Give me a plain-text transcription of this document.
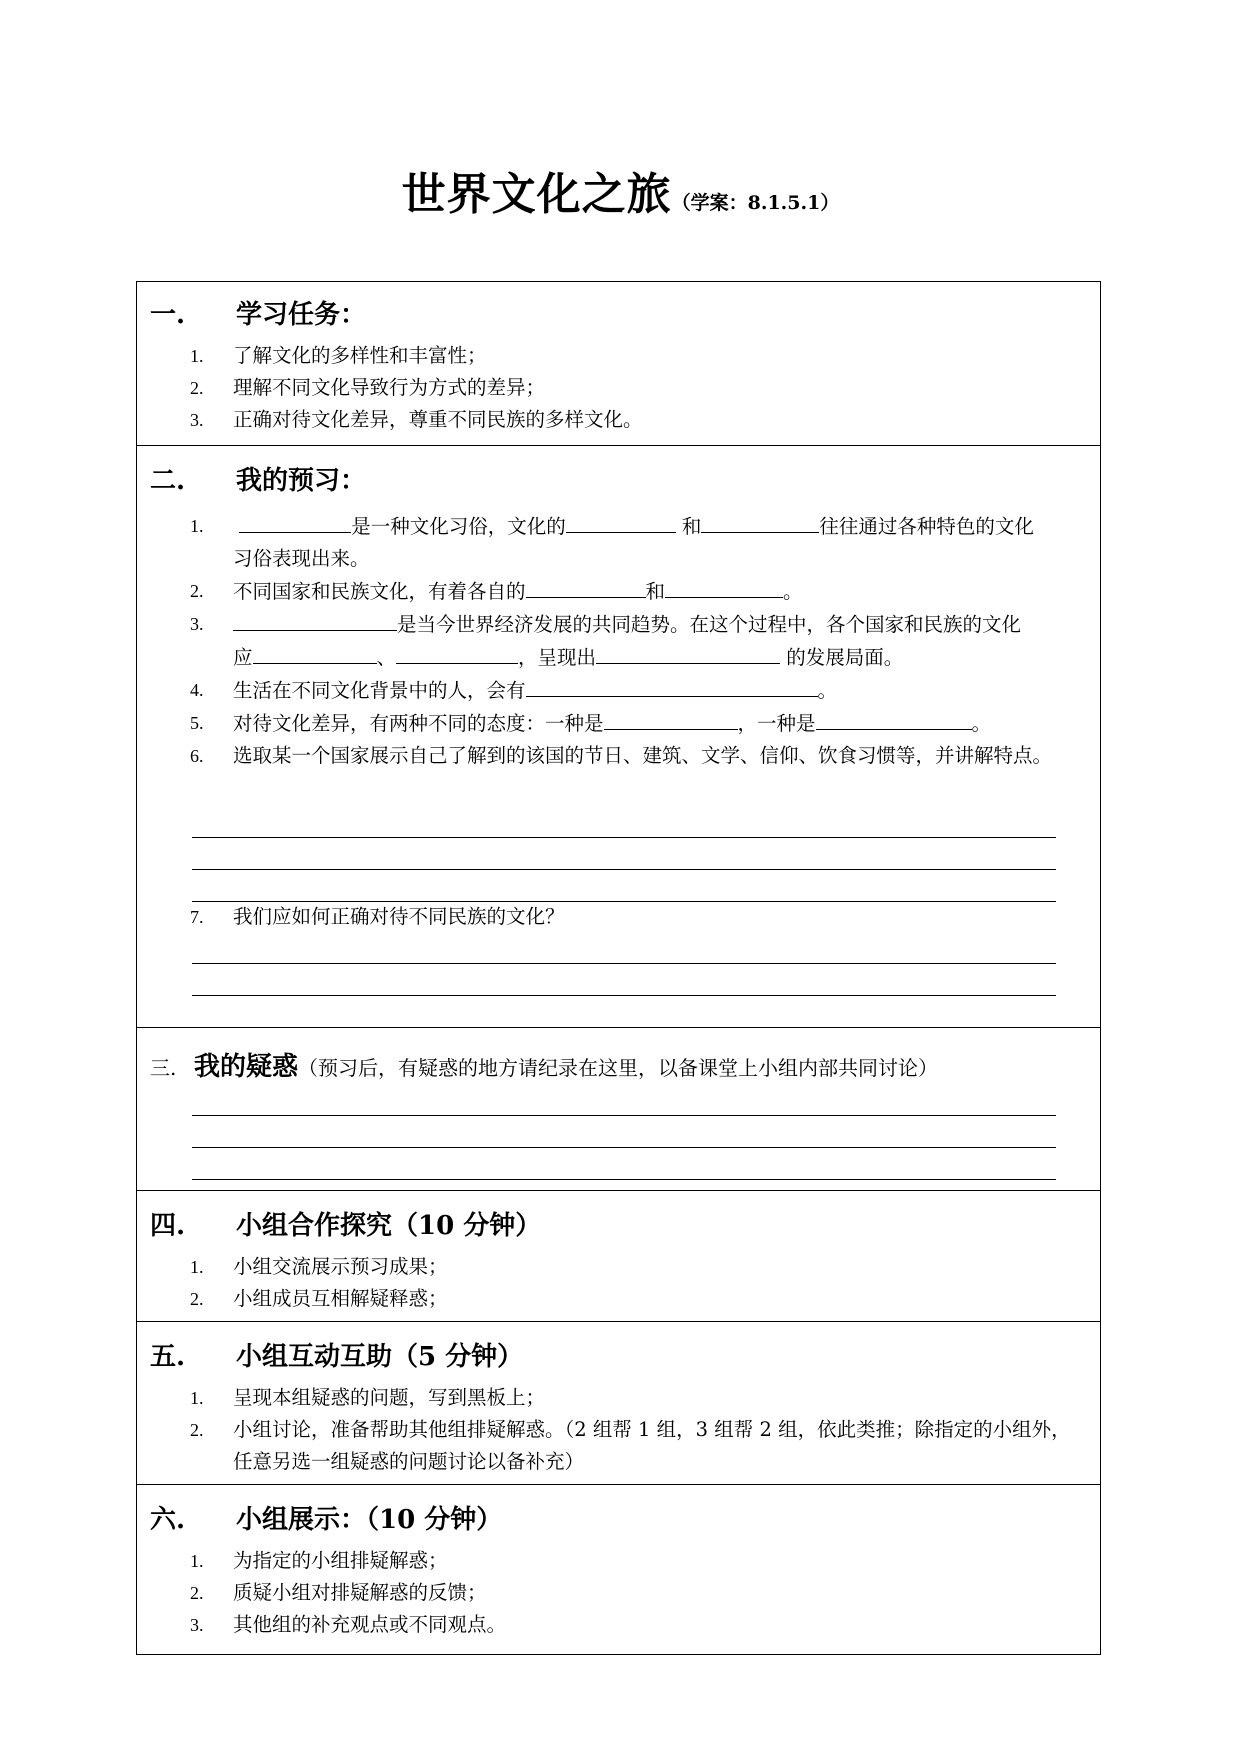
世界文化之旅（学案：8.1.5.1）
一. 学习任务：
1. 了解文化的多样性和丰富性；
2. 理解不同文化导致行为方式的差异；
3. 正确对待文化差异，尊重不同民族的多样文化。
二. 我的预习：
1.	是一种文化习俗，文化的	和	往往通过各种特色的文化
习俗表现出来。
2. 不同国家和民族文化，有着各自的	和	。
3.	是当今世界经济发展的共同趋势。在这个过程中，各个国家和民族的文化
应	、	，呈现出	的发展局面。
4. 生活在不同文化背景中的人，会有	。
5. 对待文化差异，有两种不同的态度：一种是	，一种是	。
6. 选取某一个国家展示自己了解到的该国的节日、建筑、文学、信仰、饮食习惯等，并讲解特点。
7. 我们应如何正确对待不同民族的文化？
三. 我的疑惑（预习后，有疑惑的地方请纪录在这里，以备课堂上小组内部共同讨论）
四. 小组合作探究（10 分钟）
1. 小组交流展示预习成果；
2. 小组成员互相解疑释惑；
五. 小组互动互助（5 分钟）
1. 呈现本组疑惑的问题，写到黑板上；
2. 小组讨论，准备帮助其他组排疑解惑。（2 组帮 1 组，3 组帮 2 组，依此类推；除指定的小组外，任意另选一组疑惑的问题讨论以备补充）
六. 小组展示：（10 分钟）
1. 为指定的小组排疑解惑；
2. 质疑小组对排疑解惑的反馈；
3. 其他组的补充观点或不同观点。
